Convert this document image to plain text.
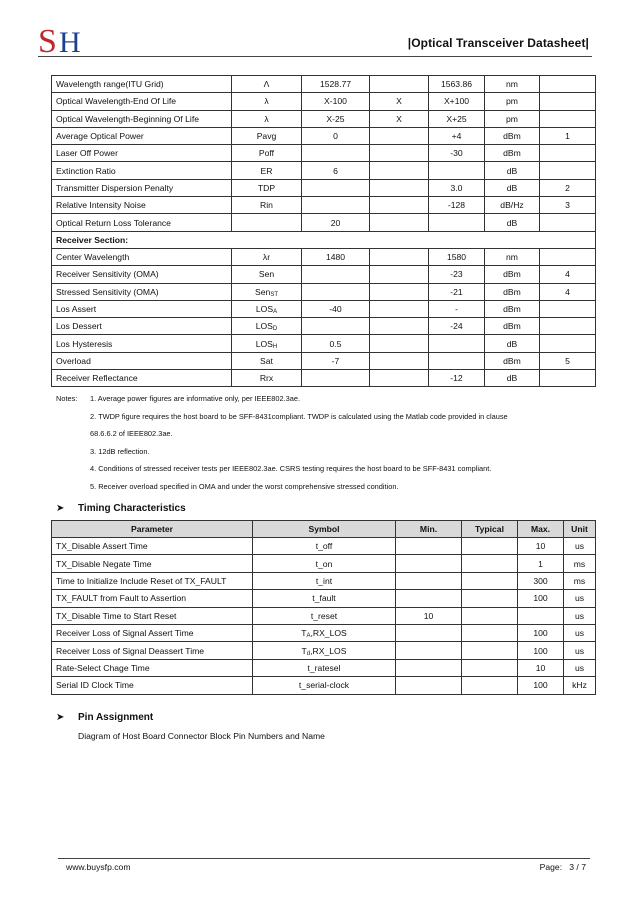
S H	|Optical Transceiver Datasheet|
Wavelength range(ITU Grid)	Λ	1528.77		1563.86	nm	
Optical Wavelength-End Of Life	λ	X-100	X	X+100	pm	
Optical Wavelength-Beginning Of Life	λ	X-25	X	X+25	pm	
Average Optical Power	Pavg	0		+4	dBm	1
Laser Off Power	Poff			-30	dBm	
Extinction Ratio	ER	6			dB	
Transmitter Dispersion Penalty	TDP			3.0	dB	2
Relative Intensity Noise	Rin			-128	dB/Hz	3
Optical Return Loss Tolerance		20			dB	
Receiver Section:						
Center Wavelength	λr	1480		1580	nm	
Receiver Sensitivity (OMA)	Sen			-23	dBm	4
Stressed Sensitivity (OMA)	Sen$_{ST}$			-21	dBm	4
Los Assert	$LOS_A$	-40		-	dBm	
Los Dessert	$LOS_D$			-24	dBm	
Los Hysteresis	$LOS_H$	0.5			dB	
Overload	Sat	-7			dBm	5
Receiver Reflectance	Rrx			-12	dB	
Notes:	1. Average power figures are informative only, per IEEE802.3ae.
2. TWDP figure requires the host board to be SFF-8431compliant. TWDP is calculated using the Matlab code provided in clause
68.6.6.2 of IEEE802.3ae.
3. 12dB reflection.
4. Conditions of stressed receiver tests per IEEE802.3ae. CSRS testing requires the host board to be SFF-8431 compliant.
5. Receiver overload specified in OMA and under the worst comprehensive stressed condition.
➤	Timing Characteristics
Parameter	Symbol	Min.	Typical	Max.	Unit
TX_Disable Assert Time	t_off			10	us
TX_Disable Negate Time	t_on			1	ms
Time to Initialize Include Reset of TX_FAULT	t_int			300	ms
TX_FAULT from Fault to Assertion	t_fault			100	us
TX_Disable Time to Start Reset	t_reset	10			us
Receiver Loss of Signal Assert Time	$T_A,RX\_LOS$			100	us
Receiver Loss of Signal Deassert Time	$T_d,RX\_LOS$			100	us
Rate-Select Chage Time	t_ratesel			10	us
Serial ID Clock Time	t_serial-clock			100	kHz
➤	Pin Assignment
Diagram of Host Board Connector Block Pin Numbers and Name
www.buysfp.com	Page: 3 / 7
